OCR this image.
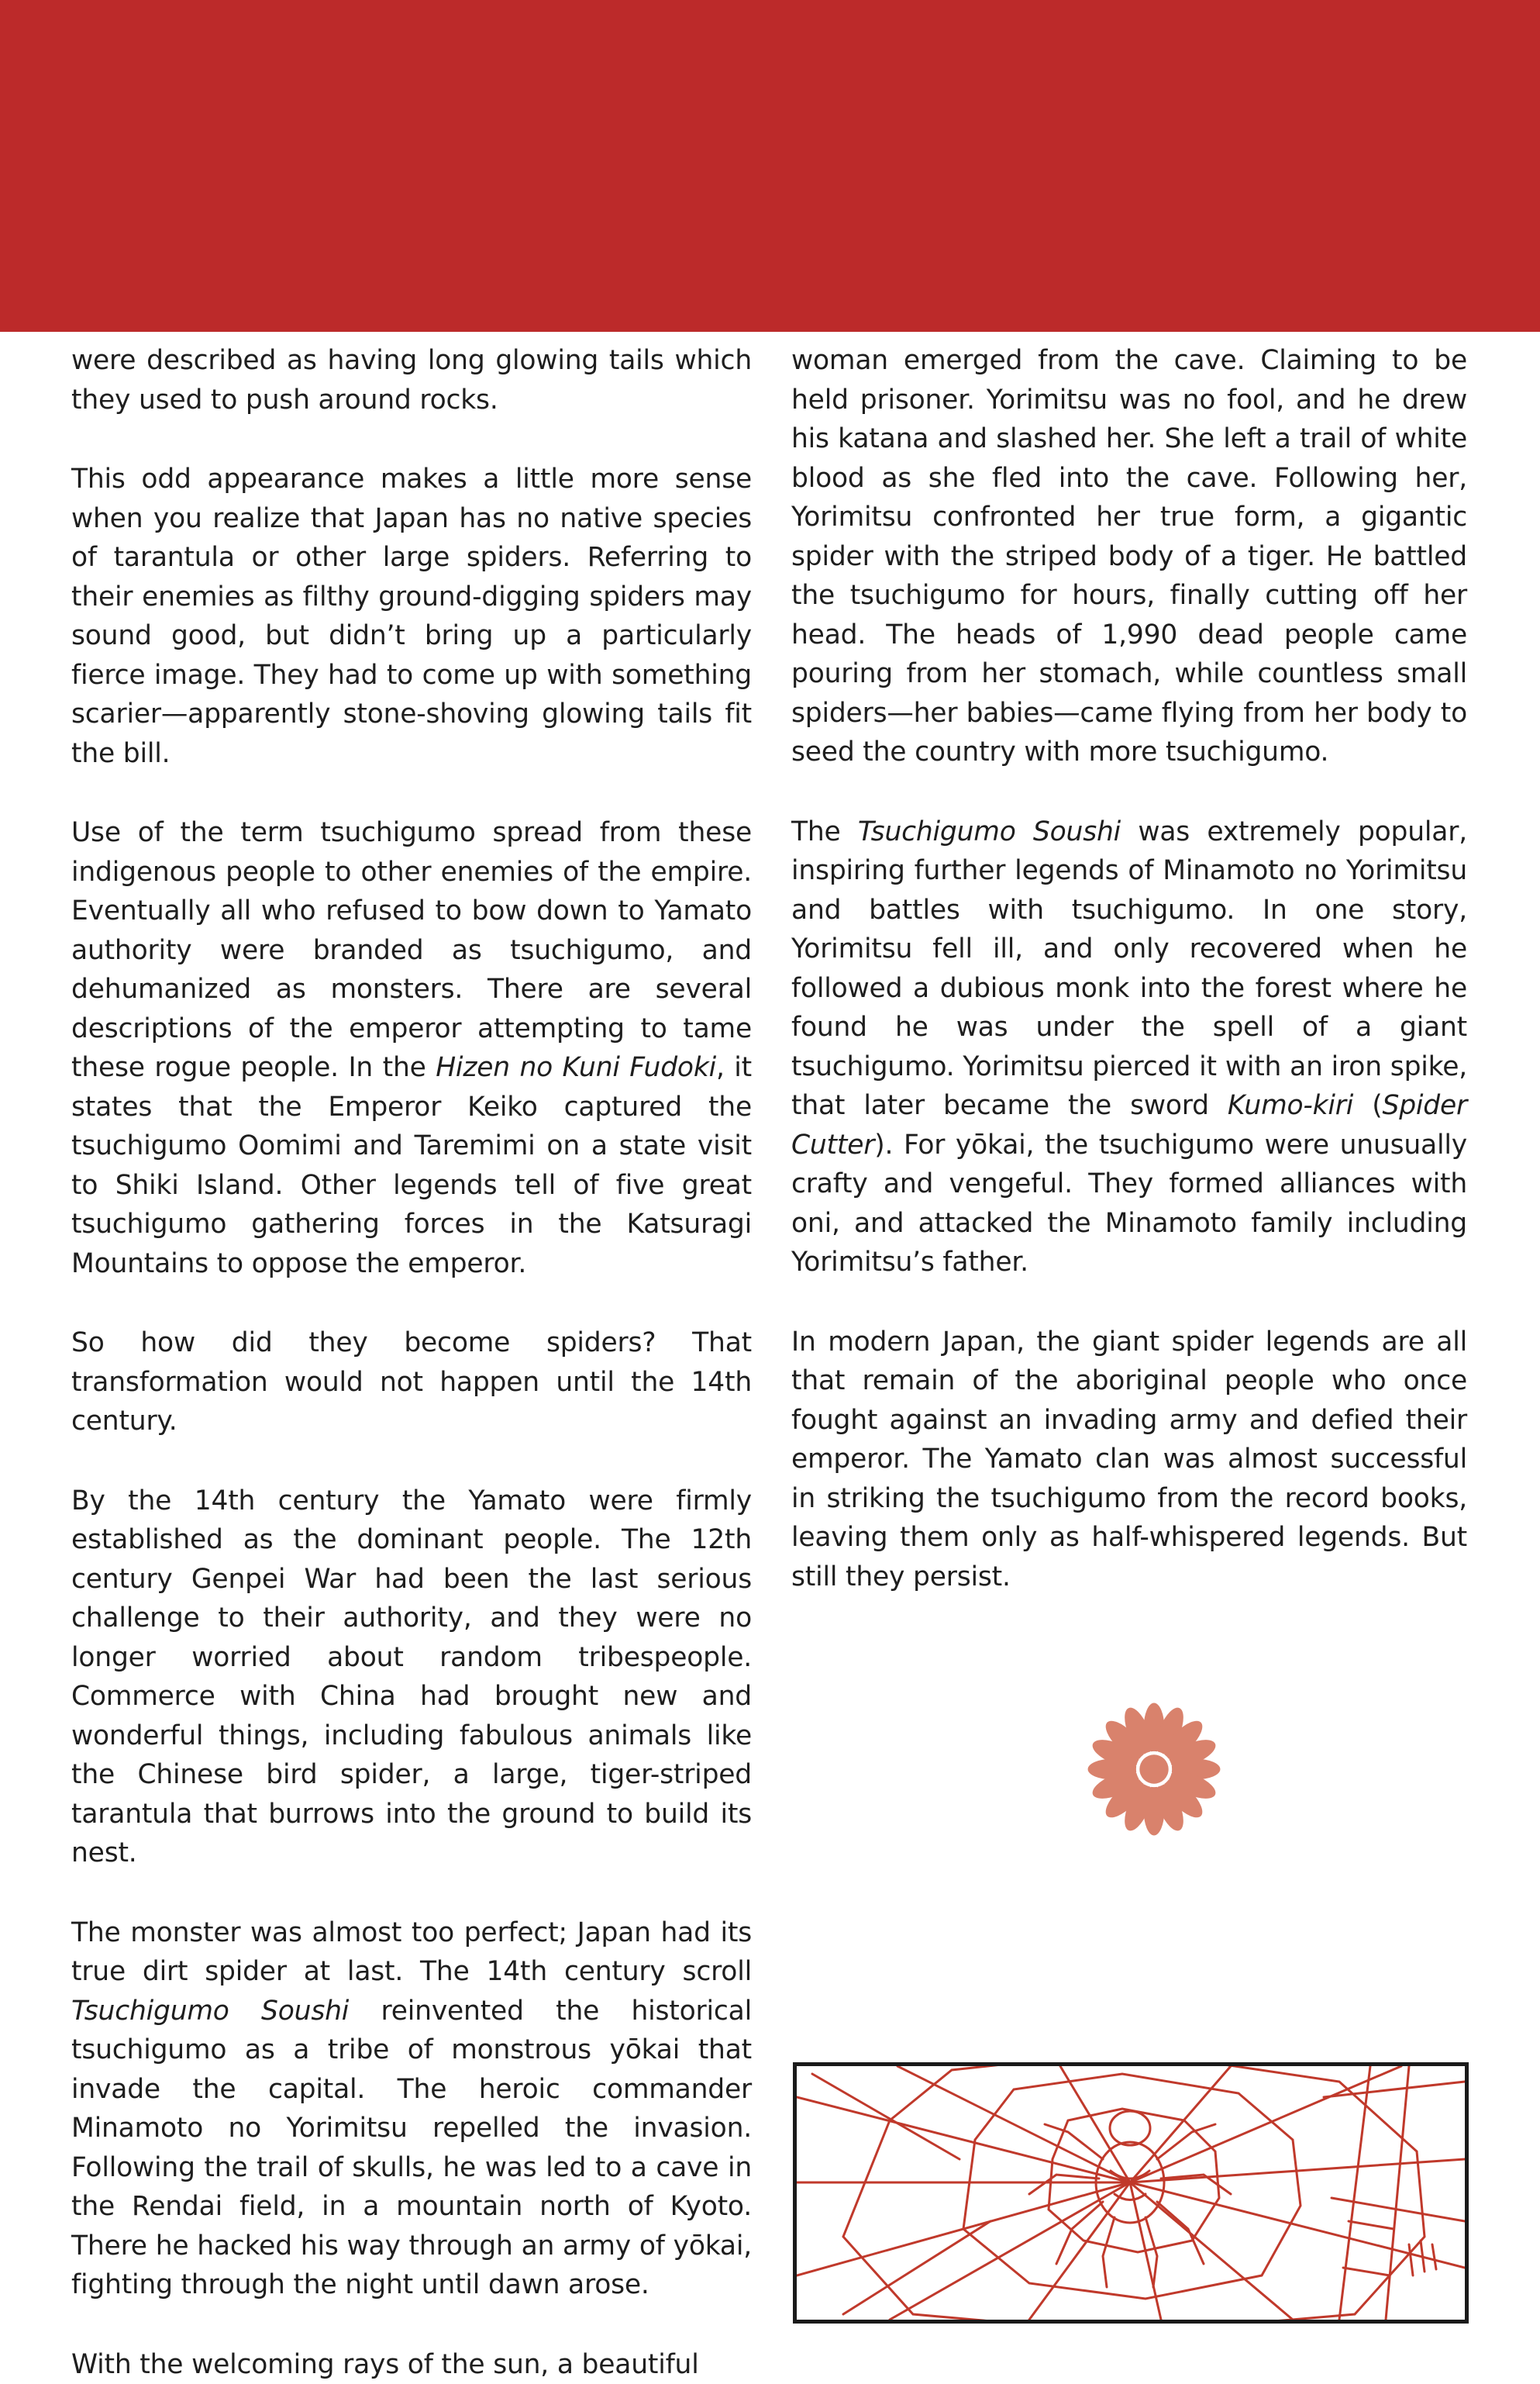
were described as having long glowing tails which they used to push around rocks.

This odd appearance makes a little more sense when you realize that Japan has no native species of tarantula or other large spiders. Referring to their enemies as filthy ground-digging spiders may sound good, but didn’t bring up a particularly fierce image. They had to come up with something scarier—apparently stone-shoving glowing tails fit the bill.

Use of the term tsuchigumo spread from these indigenous people to other enemies of the empire. Eventually all who refused to bow down to Yamato authority were branded as tsuchigumo, and dehumanized as monsters. There are several descriptions of the emperor attempting to tame these rogue people. In the Hizen no Kuni Fudoki, it states that the Emperor Keiko captured the tsuchigumo Oomimi and Taremimi on a state visit to Shiki Island. Other legends tell of five great tsuchigumo gathering forces in the Katsuragi Mountains to oppose the emperor.

So how did they become spiders? That transformation would not happen until the 14th century.

By the 14th century the Yamato were firmly established as the dominant people. The 12th century Genpei War had been the last serious challenge to their authority, and they were no longer worried about random tribespeople. Commerce with China had brought new and wonderful things, including fabulous animals like the Chinese bird spider, a large, tiger-striped tarantula that burrows into the ground to build its nest.

The monster was almost too perfect; Japan had its true dirt spider at last. The 14th century scroll Tsuchigumo Soushi reinvented the historical tsuchigumo as a tribe of monstrous yōkai that invade the capital. The heroic commander Minamoto no Yorimitsu repelled the invasion. Following the trail of skulls, he was led to a cave in the Rendai field, in a mountain north of Kyoto. There he hacked his way through an army of yōkai, fighting through the night until dawn arose.

With the welcoming rays of the sun, a beautiful

woman emerged from the cave. Claiming to be held prisoner. Yorimitsu was no fool, and he drew his katana and slashed her. She left a trail of white blood as she fled into the cave. Following her, Yorimitsu confronted her true form, a gigantic spider with the striped body of a tiger. He battled the tsuchigumo for hours, finally cutting off her head. The heads of 1,990 dead people came pouring from her stomach, while countless small spiders—her babies—came flying from her body to seed the country with more tsuchigumo.

The Tsuchigumo Soushi was extremely popular, inspiring further legends of Minamoto no Yorimitsu and battles with tsuchigumo. In one story, Yorimitsu fell ill, and only recovered when he followed a dubious monk into the forest where he found he was under the spell of a giant tsuchigumo. Yorimitsu pierced it with an iron spike, that later became the sword Kumo-kiri (Spider Cutter). For yōkai, the tsuchigumo were unusually crafty and vengeful. They formed alliances with oni, and attacked the Minamoto family including Yorimitsu’s father.

In modern Japan, the giant spider legends are all that remain of the aboriginal people who once fought against an invading army and defied their emperor. The Yamato clan was almost successful in striking the tsuchigumo from the record books, leaving them only as half-whispered legends. But still they persist.
